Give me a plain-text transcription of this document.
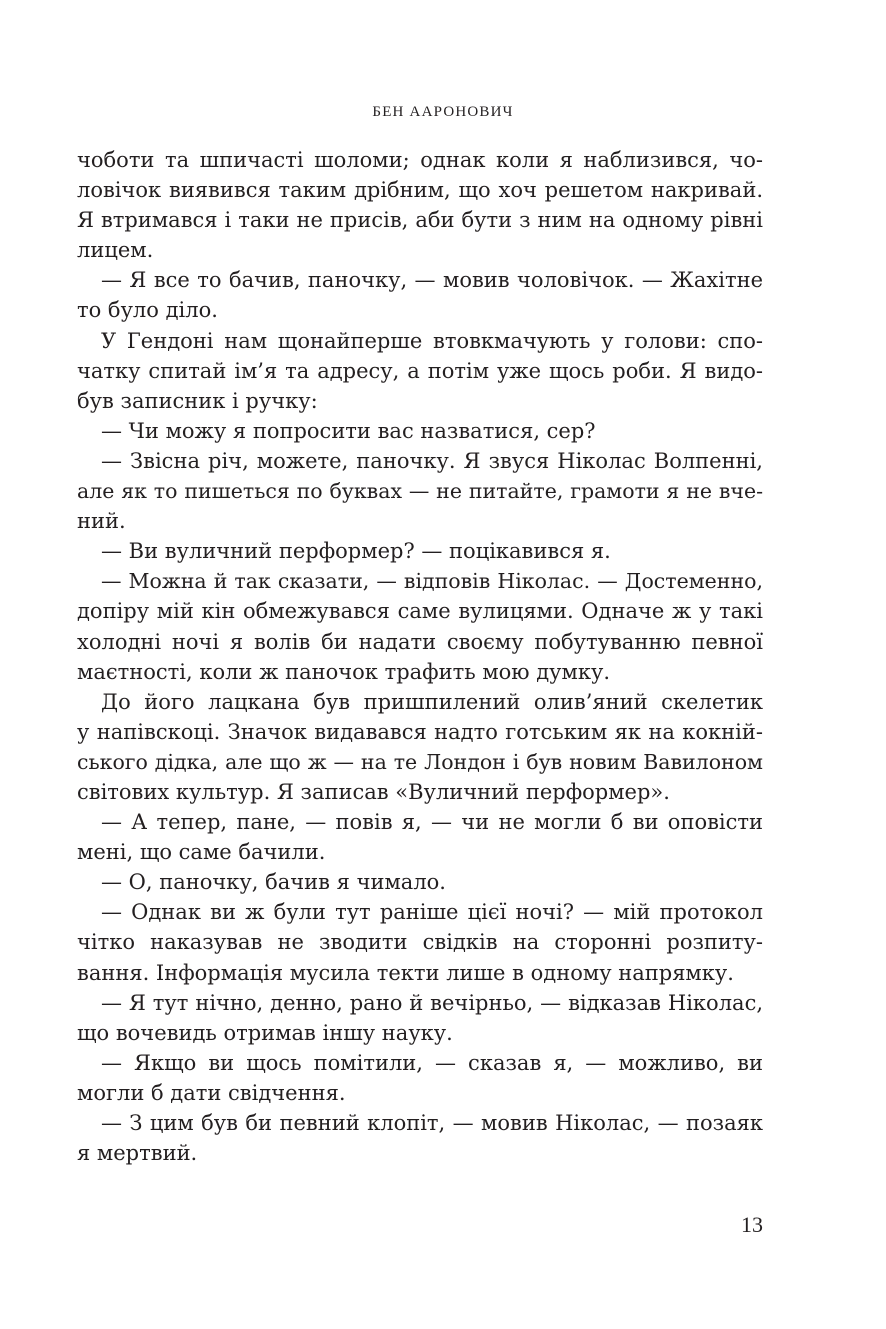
БЕН ААРОНОВИЧ
чоботи та шпичасті шоломи; однак коли я наблизився, чо-
ловічок виявився таким дрібним, що хоч решетом накривай.
Я втримався і таки не присів, аби бути з ним на одному рівні
лицем.
— Я все то бачив, паночку, — мовив чоловічок. — Жахітне
то було діло.
У Гендоні нам щонайперше втовкмачують у голови: спо-
чатку спитай ім’я та адресу, а потім уже щось роби. Я видо-
був записник і ручку:
— Чи можу я попросити вас назватися, сер?
— Звісна річ, можете, паночку. Я звуся Ніколас Волпенні,
але як то пишеться по буквах — не питайте, грамоти я не вче-
ний.
— Ви вуличний перформер? — поцікавився я.
— Можна й так сказати, — відповів Ніколас. — Достеменно,
допіру мій кін обмежувався саме вулицями. Одначе ж у такі
холодні ночі я волів би надати своєму побутуванню певної
маєтності, коли ж паночок трафить мою думку.
До його лацкана був пришпилений олив’яний скелетик
у напівскоці. Значок видавався надто готським як на кокній-
ського дідка, але що ж — на те Лондон і був новим Вавилоном
світових культур. Я записав «Вуличний перформер».
— А тепер, пане, — повів я, — чи не могли б ви оповісти
мені, що саме бачили.
— О, паночку, бачив я чимало.
— Однак ви ж були тут раніше цієї ночі? — мій протокол
чітко наказував не зводити свідків на сторонні розпиту-
вання. Інформація мусила текти лише в одному напрямку.
— Я тут нічно, денно, рано й вечірньо, — відказав Ніколас,
що вочевидь отримав іншу науку.
— Якщо ви щось помітили, — сказав я, — можливо, ви
могли б дати свідчення.
— З цим був би певний клопіт, — мовив Ніколас, — позаяк
я мертвий.
13
